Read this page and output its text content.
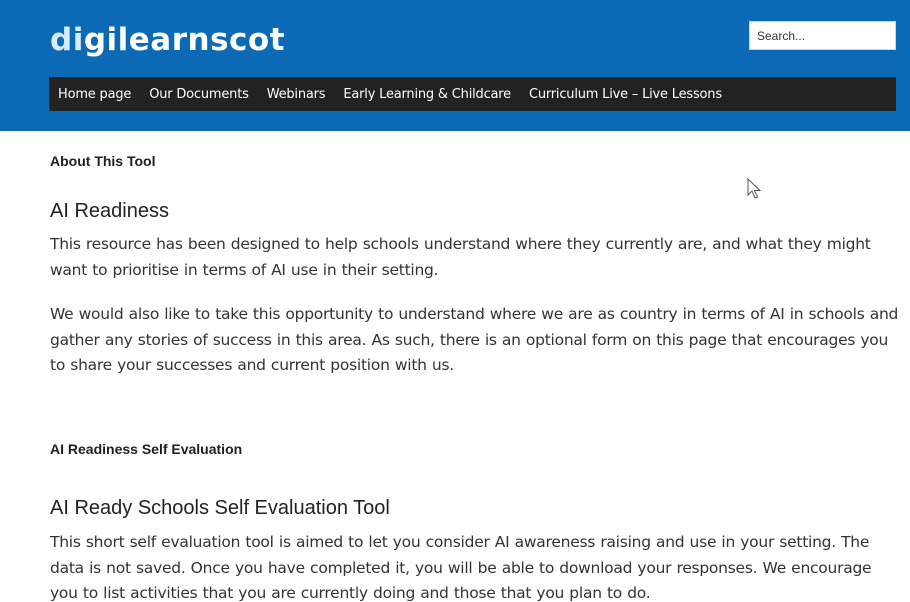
digilearnscot
Search...
Home page Our Documents Webinars Early Learning & Childcare Curriculum Live – Live Lessons
About This Tool
AI Readiness

This resource has been designed to help schools understand where they currently are, and what they might want to prioritise in terms of AI use in their setting.

We would also like to take this opportunity to understand where we are as country in terms of AI in schools and gather any stories of success in this area. As such, there is an optional form on this page that encourages you to share your successes and current position with us.

AI Readiness Self Evaluation
AI Ready Schools Self Evaluation Tool

This short self evaluation tool is aimed to let you consider AI awareness raising and use in your setting. The data is not saved. Once you have completed it, you will be able to download your responses. We encourage you to list activities that you are currently doing and those that you plan to do.
